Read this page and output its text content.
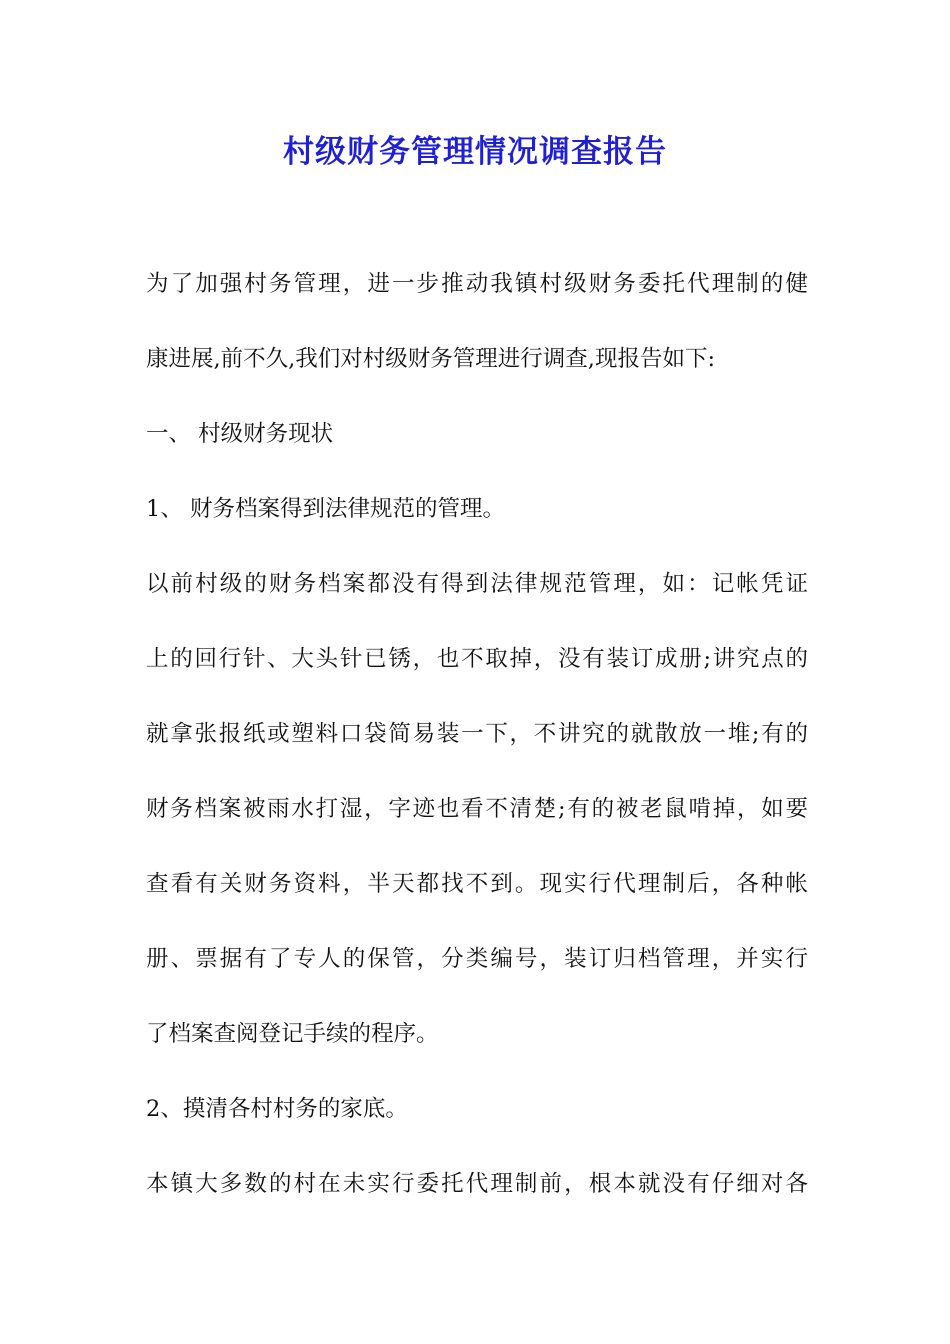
村级财务管理情况调查报告
为了加强村务管理，进一步推动我镇村级财务委托代理制的健
康进展,前不久,我们对村级财务管理进行调查,现报告如下:
一、 村级财务现状
1、 财务档案得到法律规范的管理。
以前村级的财务档案都没有得到法律规范管理，如：记帐凭证
上的回行针、大头针已锈，也不取掉，没有装订成册;讲究点的
就拿张报纸或塑料口袋简易装一下，不讲究的就散放一堆;有的
财务档案被雨水打湿，字迹也看不清楚;有的被老鼠啃掉，如要
查看有关财务资料，半天都找不到。现实行代理制后，各种帐
册、票据有了专人的保管，分类编号，装订归档管理，并实行
了档案查阅登记手续的程序。
2、摸清各村村务的家底。
本镇大多数的村在未实行委托代理制前，根本就没有仔细对各
